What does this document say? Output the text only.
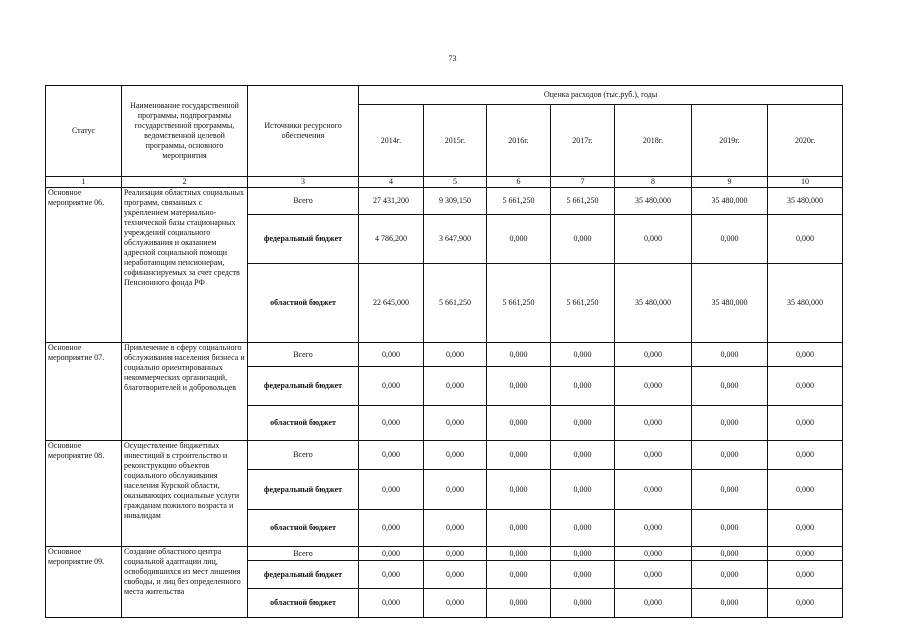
73
Статус	Наименование государственной программы, подпрограммы государственной программы, ведомственной целевой программы, основного мероприятия	Источники ресурсного обеспечения	Оценка расходов (тыс.руб.), годы						
			2014г.	2015г.	2016г.	2017г.	2018г.	2019г.	2020г.
1	2	3	4	5	6	7	8	9	10
Основное мероприятие 06.	Реализация областных социальных программ, связанных с укреплением материально-технической базы стационарных учреждений социального обслуживания и оказанием адресной социальной помощи неработающим пенсионерам, софинансируемых за счет средств Пенсионного фонда РФ	Всего	27 431,200	9 309,150	5 661,250	5 661,250	35 480,000	35 480,000	35 480,000
		федеральный бюджет	4 786,200	3 647,900	0,000	0,000	0,000	0,000	0,000
		областной бюджет	22 645,000	5 661,250	5 661,250	5 661,250	35 480,000	35 480,000	35 480,000
Основное мероприятие 07.	Привлечение в сферу социального обслуживания населения бизнеса и социально ориентированных некоммерческих организаций, благотворителей и добровольцев	Всего	0,000	0,000	0,000	0,000	0,000	0,000	0,000
		федеральный бюджет	0,000	0,000	0,000	0,000	0,000	0,000	0,000
		областной бюджет	0,000	0,000	0,000	0,000	0,000	0,000	0,000
Основное мероприятие 08.	Осуществление бюджетных инвестиций в строительство и реконструкцию объектов социального обслуживания населения Курской области, оказывающих социальные услуги гражданам пожилого возраста и инвалидам	Всего	0,000	0,000	0,000	0,000	0,000	0,000	0,000
		федеральный бюджет	0,000	0,000	0,000	0,000	0,000	0,000	0,000
		областной бюджет	0,000	0,000	0,000	0,000	0,000	0,000	0,000
Основное мероприятие 09.	Создание областного центра социальной адаптации лиц, освободившихся из мест лишения свободы, и лиц без определенного места жительства	Всего	0,000	0,000	0,000	0,000	0,000	0,000	0,000
		федеральный бюджет	0,000	0,000	0,000	0,000	0,000	0,000	0,000
		областной бюджет	0,000	0,000	0,000	0,000	0,000	0,000	0,000
